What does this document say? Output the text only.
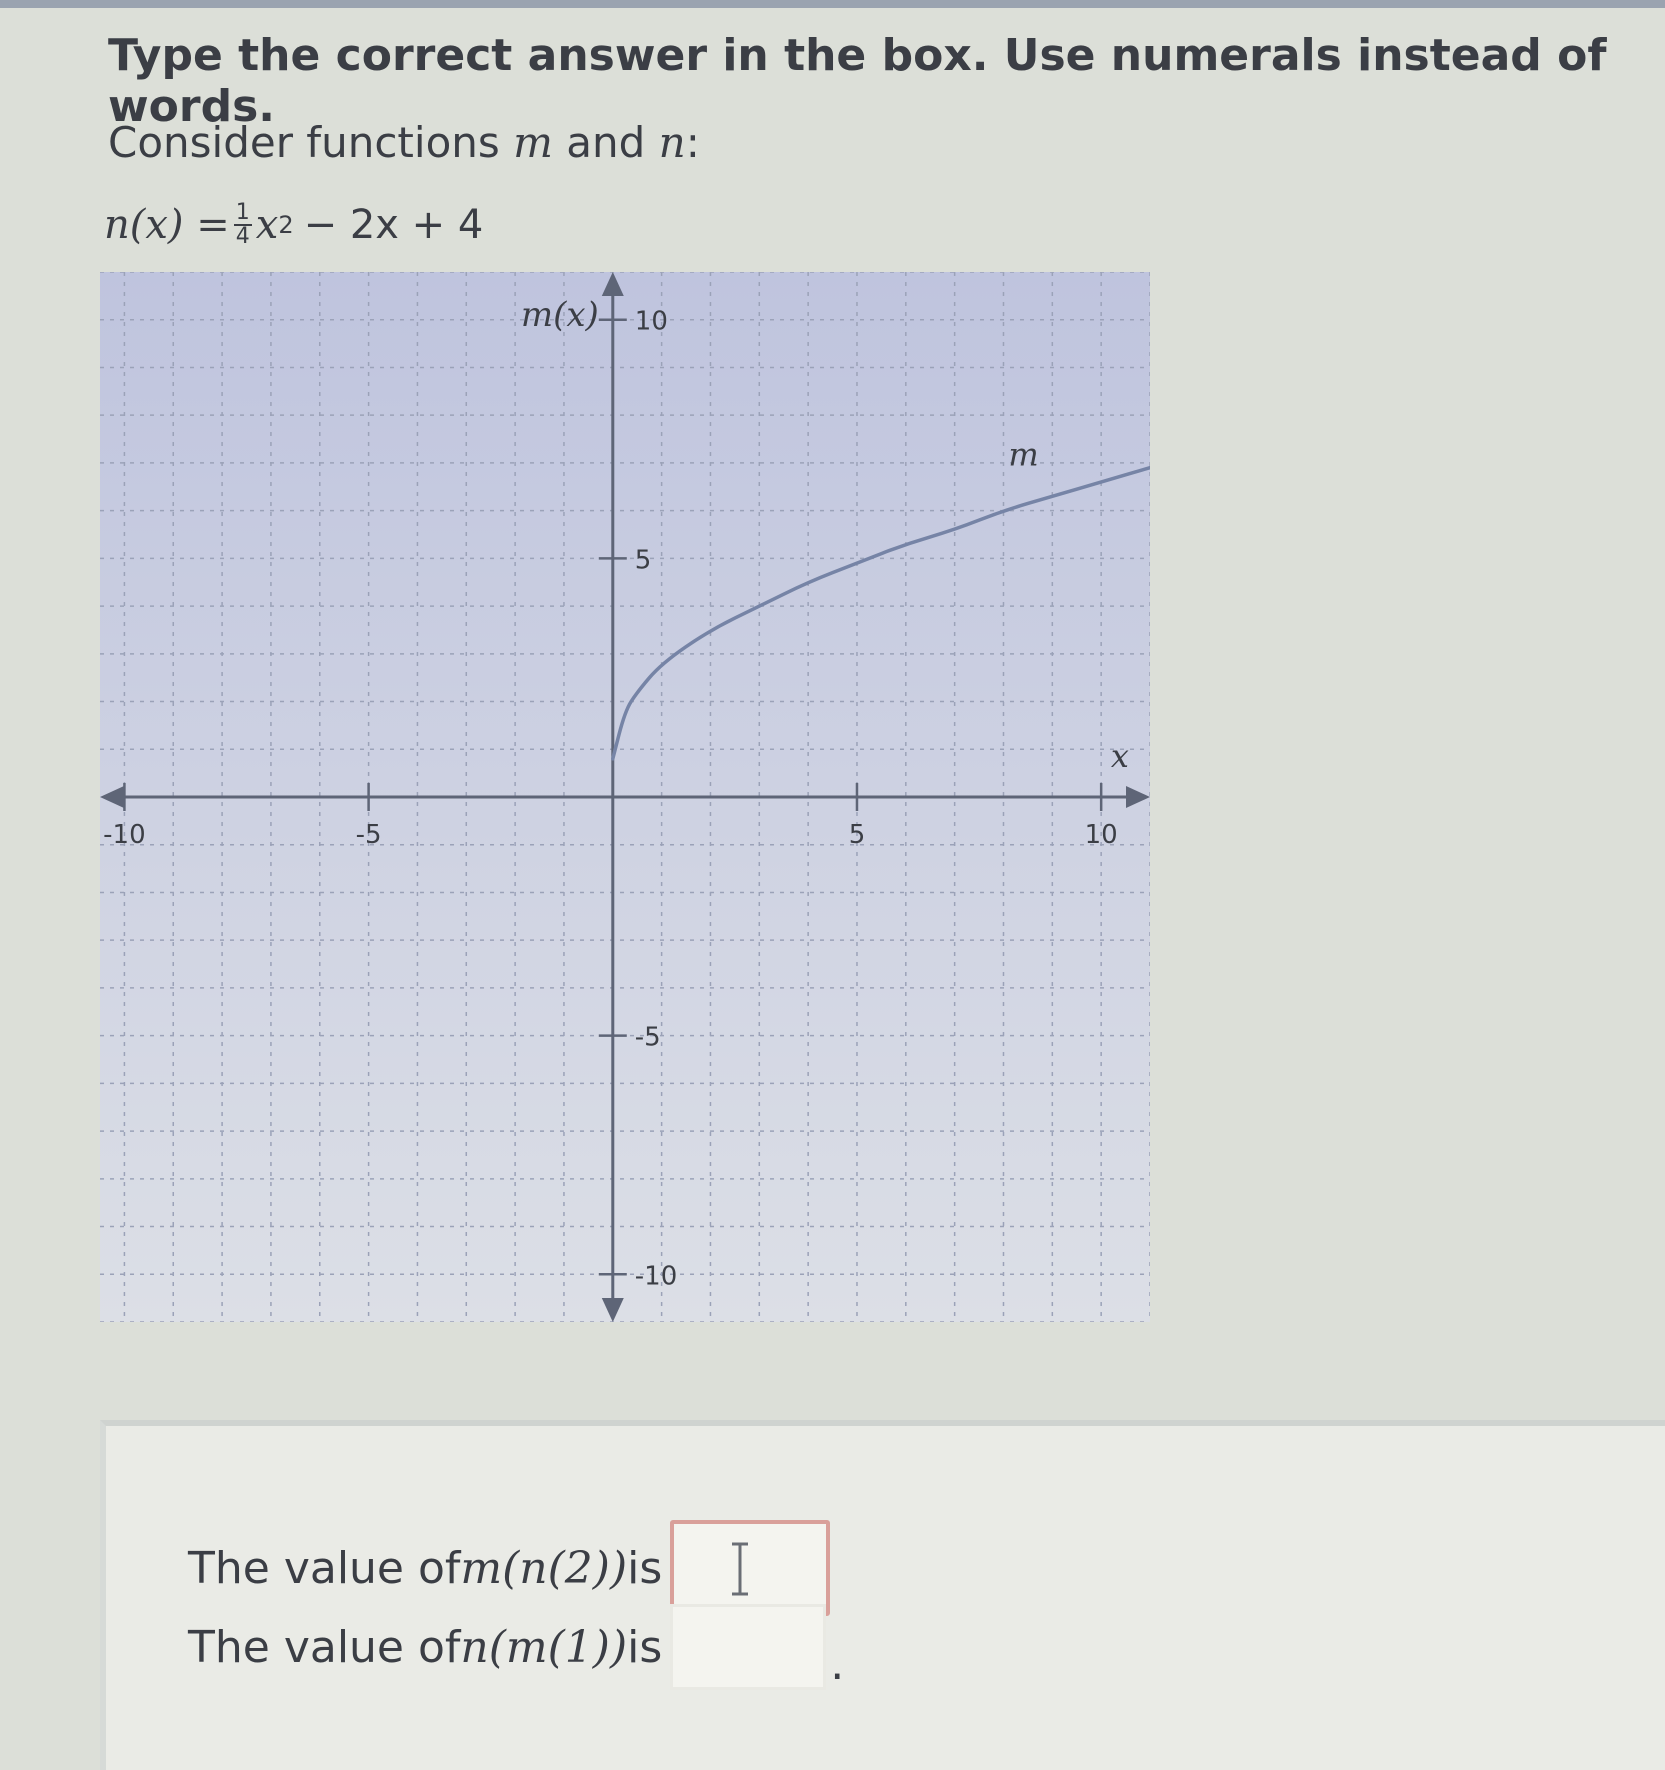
Type the correct answer in the box. Use numerals instead of words.
Consider functions m and n:
$n(x) = \frac{1}{4}$ x 2 − 2x + 4
-10	-5	5	10
10
5
-5
-10
m(x)
x
m
The value of m(n(2)) is
The value of n(m(1)) is	.
